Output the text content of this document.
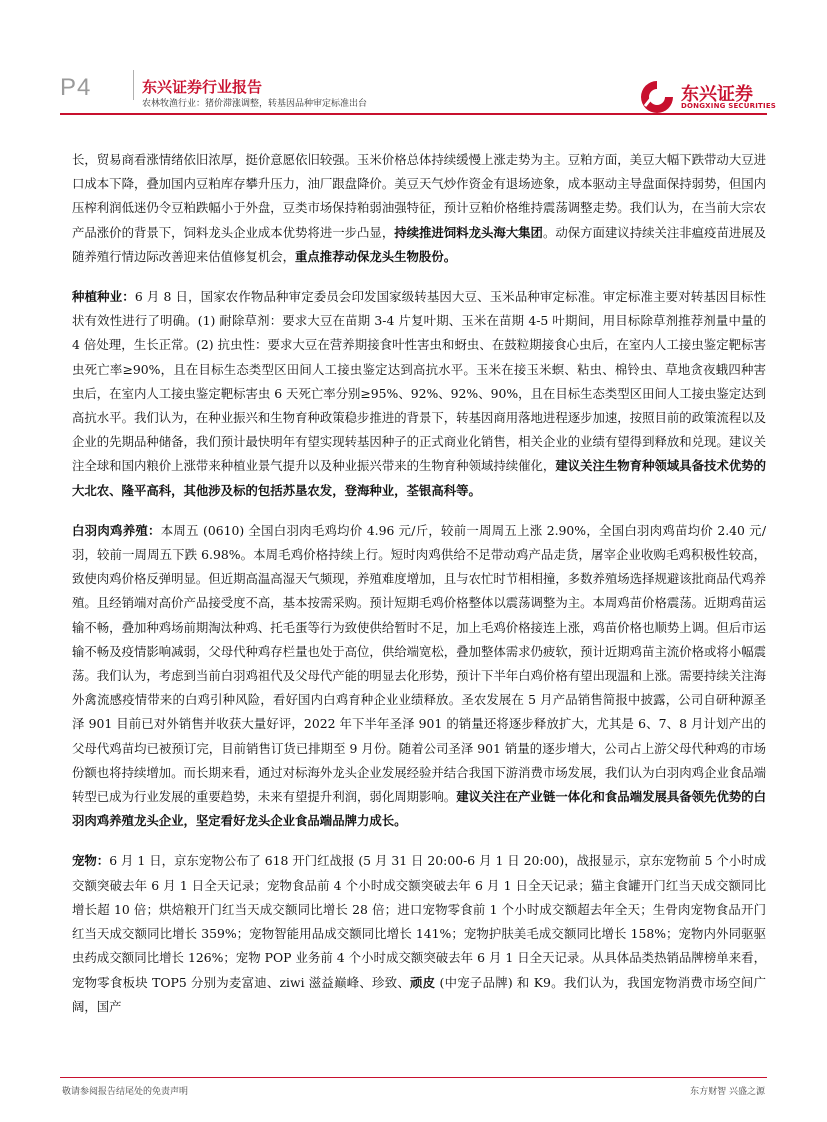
P4	东兴证券行业报告
农林牧渔行业：猪价滞涨调整，转基因品种审定标准出台	东兴证券
DONGXING SECURITIES

长，贸易商看涨情绪依旧浓厚，挺价意愿依旧较强。玉米价格总体持续缓慢上涨走势为主。豆粕方面，美豆大幅下跌带动大豆进口成本下降，叠加国内豆粕库存攀升压力，油厂跟盘降价。美豆天气炒作资金有退场迹象，成本驱动主导盘面保持弱势，但国内压榨利润低迷仍令豆粕跌幅小于外盘，豆类市场保持粕弱油强特征，预计豆粕价格维持震荡调整走势。我们认为，在当前大宗农产品涨价的背景下，饲料龙头企业成本优势将进一步凸显，持续推进饲料龙头海大集团。动保方面建议持续关注非瘟疫苗进展及随养殖行情边际改善迎来估值修复机会，重点推荐动保龙头生物股份。

种植种业：6 月 8 日，国家农作物品种审定委员会印发国家级转基因大豆、玉米品种审定标准。审定标准主要对转基因目标性状有效性进行了明确。(1) 耐除草剂：要求大豆在苗期 3-4 片复叶期、玉米在苗期 4-5 叶期间，用目标除草剂推荐剂量中量的 4 倍处理，生长正常。(2) 抗虫性：要求大豆在营养期接食叶性害虫和蚜虫、在鼓粒期接食心虫后，在室内人工接虫鉴定靶标害虫死亡率≥90%，且在目标生态类型区田间人工接虫鉴定达到高抗水平。玉米在接玉米螟、粘虫、棉铃虫、草地贪夜蛾四种害虫后，在室内人工接虫鉴定靶标害虫 6 天死亡率分别≥95%、92%、92%、90%，且在目标生态类型区田间人工接虫鉴定达到高抗水平。我们认为，在种业振兴和生物育种政策稳步推进的背景下，转基因商用落地进程逐步加速，按照目前的政策流程以及企业的先期品种储备，我们预计最快明年有望实现转基因种子的正式商业化销售，相关企业的业绩有望得到释放和兑现。建议关注全球和国内粮价上涨带来种植业景气提升以及种业振兴带来的生物育种领域持续催化，建议关注生物育种领域具备技术优势的大北农、隆平高科，其他涉及标的包括苏垦农发，登海种业，荃银高科等。

白羽肉鸡养殖：本周五 (0610) 全国白羽肉毛鸡均价 4.96 元/斤，较前一周周五上涨 2.90%，全国白羽肉鸡苗均价 2.40 元/羽，较前一周周五下跌 6.98%。本周毛鸡价格持续上行。短时肉鸡供给不足带动鸡产品走货，屠宰企业收购毛鸡积极性较高，致使肉鸡价格反弹明显。但近期高温高湿天气频现，养殖难度增加，且与农忙时节相相撞，多数养殖场选择规避该批商品代鸡养殖。且经销端对高价产品接受度不高，基本按需采购。预计短期毛鸡价格整体以震荡调整为主。本周鸡苗价格震荡。近期鸡苗运输不畅，叠加种鸡场前期淘汰种鸡、托毛蛋等行为致使供给暂时不足，加上毛鸡价格接连上涨，鸡苗价格也顺势上调。但后市运输不畅及疫情影响减弱，父母代种鸡存栏量也处于高位，供给端宽松，叠加整体需求仍疲软，预计近期鸡苗主流价格或将小幅震荡。我们认为，考虑到当前白羽鸡祖代及父母代产能的明显去化形势，预计下半年白鸡价格有望出现温和上涨。需要持续关注海外禽流感疫情带来的白鸡引种风险，看好国内白鸡育种企业业绩释放。圣农发展在 5 月产品销售简报中披露，公司自研种源圣泽 901 目前已对外销售并收获大量好评，2022 年下半年圣泽 901 的销量还将逐步释放扩大，尤其是 6、7、8 月计划产出的父母代鸡苗均已被预订完，目前销售订货已排期至 9 月份。随着公司圣泽 901 销量的逐步增大，公司占上游父母代种鸡的市场份额也将持续增加。而长期来看，通过对标海外龙头企业发展经验并结合我国下游消费市场发展，我们认为白羽肉鸡企业食品端转型已成为行业发展的重要趋势，未来有望提升利润，弱化周期影响。建议关注在产业链一体化和食品端发展具备领先优势的白羽肉鸡养殖龙头企业，坚定看好龙头企业食品端品牌力成长。

宠物：6 月 1 日，京东宠物公布了 618 开门红战报 (5 月 31 日 20:00-6 月 1 日 20:00)，战报显示，京东宠物前 5 个小时成交额突破去年 6 月 1 日全天记录；宠物食品前 4 个小时成交额突破去年 6 月 1 日全天记录；猫主食罐开门红当天成交额同比增长超 10 倍；烘焙粮开门红当天成交额同比增长 28 倍；进口宠物零食前 1 个小时成交额超去年全天；生骨肉宠物食品开门红当天成交额同比增长 359%；宠物智能用品成交额同比增长 141%；宠物护肤美毛成交额同比增长 158%；宠物内外同驱驱虫药成交额同比增长 126%；宠物 POP 业务前 4 个小时成交额突破去年 6 月 1 日全天记录。从具体品类热销品牌榜单来看，宠物零食板块 TOP5 分别为麦富迪、ziwi 滋益巅峰、珍致、顽皮 (中宠子品牌) 和 K9。我们认为，我国宠物消费市场空间广阔，国产

敬请参阅报告结尾处的免责声明	东方财智 兴盛之源
